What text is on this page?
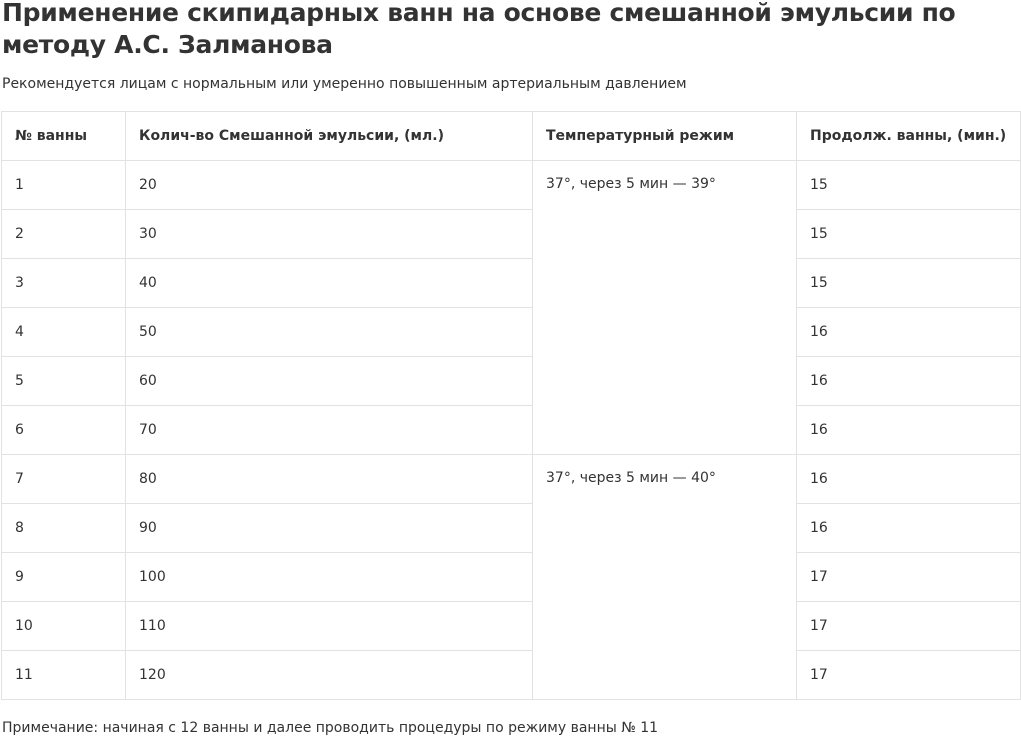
Применение скипидарных ванн на основе смешанной эмульсии по методу А.С. Залманова
Рекомендуется лицам с нормальным или умеренно повышенным артериальным давлением
№ ванны	Колич-во Смешанной эмульсии, (мл.)	Температурный режим	Продолж. ванны, (мин.)
1	20	37°, через 5 мин — 39°	15
2	30		15
3	40		15
4	50		16
5	60		16
6	70		16
7	80	37°, через 5 мин — 40°	16
8	90		16
9	100		17
10	110		17
11	120		17
Примечание: начиная с 12 ванны и далее проводить процедуры по режиму ванны № 11
